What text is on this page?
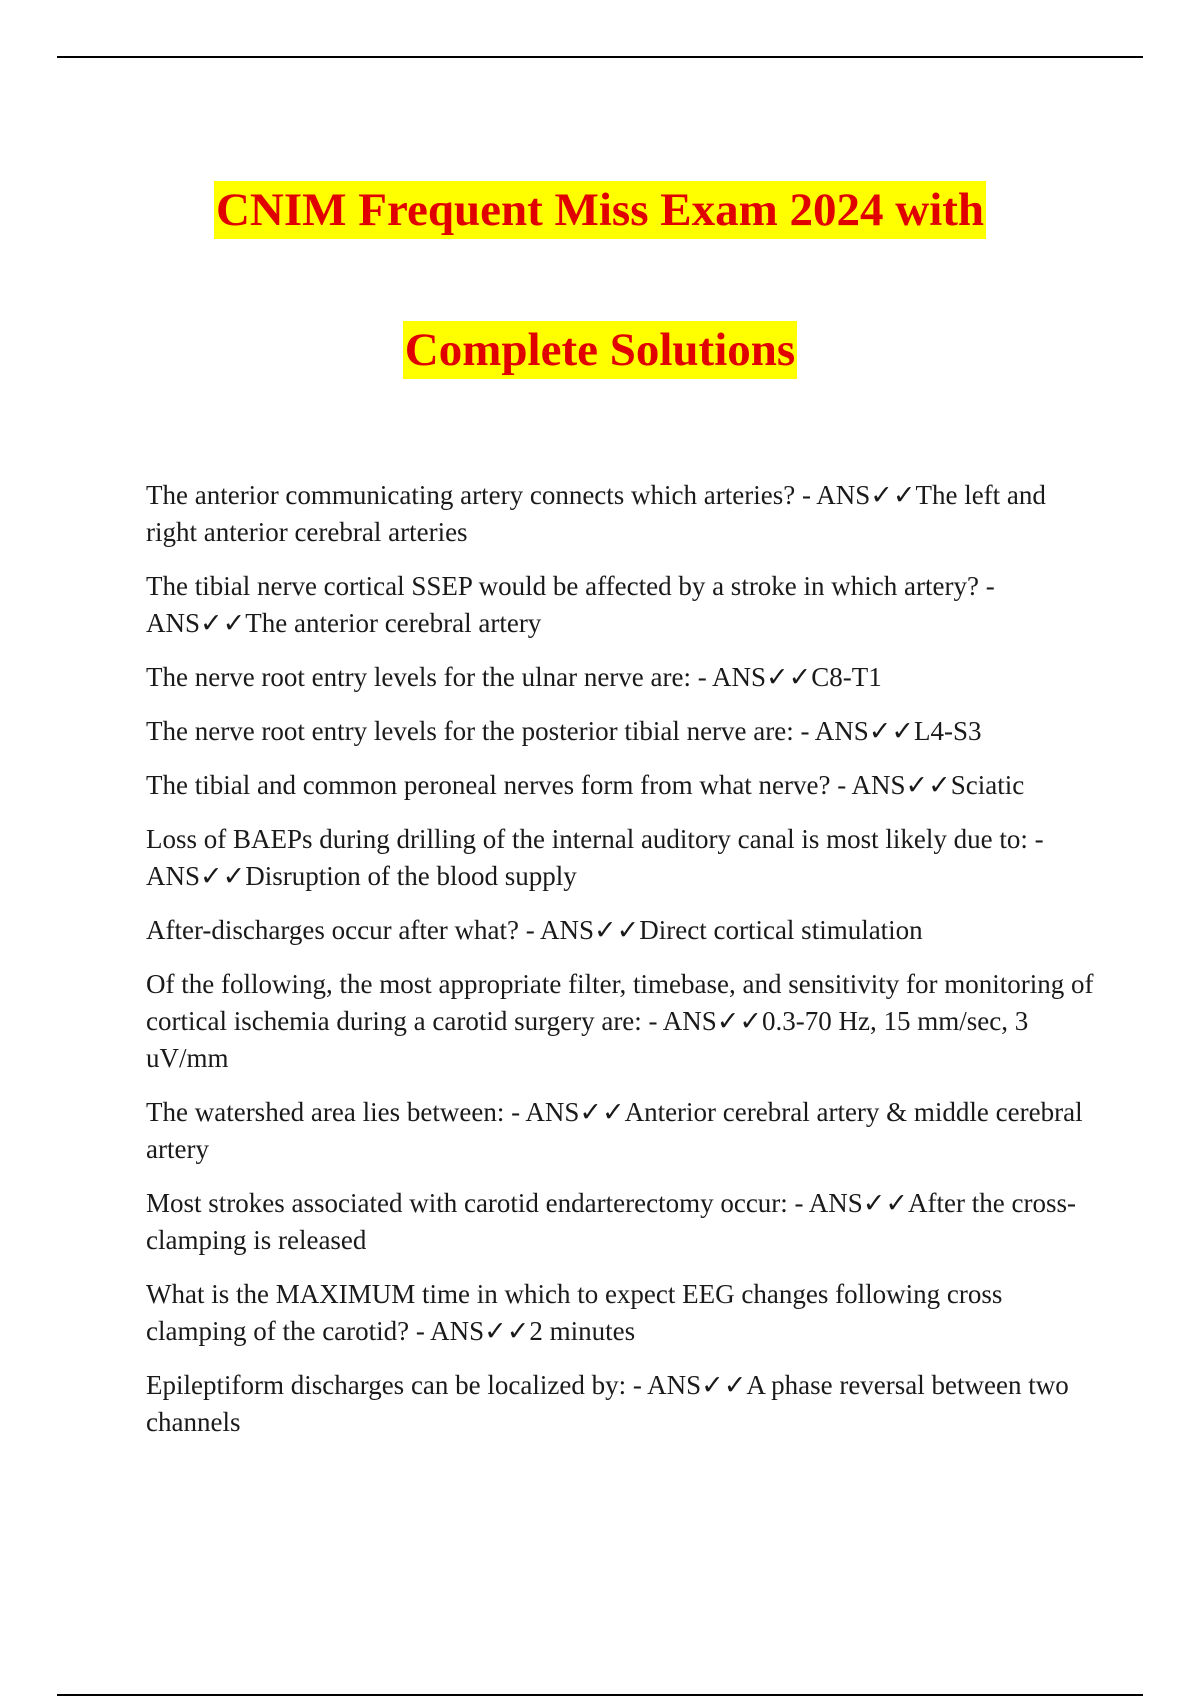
CNIM Frequent Miss Exam 2024 with
Complete Solutions
The anterior communicating artery connects which arteries? - ANS✓✓The left and right anterior cerebral arteries
The tibial nerve cortical SSEP would be affected by a stroke in which artery? - ANS✓✓The anterior cerebral artery
The nerve root entry levels for the ulnar nerve are: - ANS✓✓C8-T1
The nerve root entry levels for the posterior tibial nerve are: - ANS✓✓L4-S3
The tibial and common peroneal nerves form from what nerve? - ANS✓✓Sciatic
Loss of BAEPs during drilling of the internal auditory canal is most likely due to: - ANS✓✓Disruption of the blood supply
After-discharges occur after what? - ANS✓✓Direct cortical stimulation
Of the following, the most appropriate filter, timebase, and sensitivity for monitoring of cortical ischemia during a carotid surgery are: - ANS✓✓0.3-70 Hz, 15 mm/sec, 3 uV/mm
The watershed area lies between: - ANS✓✓Anterior cerebral artery & middle cerebral artery
Most strokes associated with carotid endarterectomy occur: - ANS✓✓After the cross-clamping is released
What is the MAXIMUM time in which to expect EEG changes following cross clamping of the carotid? - ANS✓✓2 minutes
Epileptiform discharges can be localized by: - ANS✓✓A phase reversal between two channels
